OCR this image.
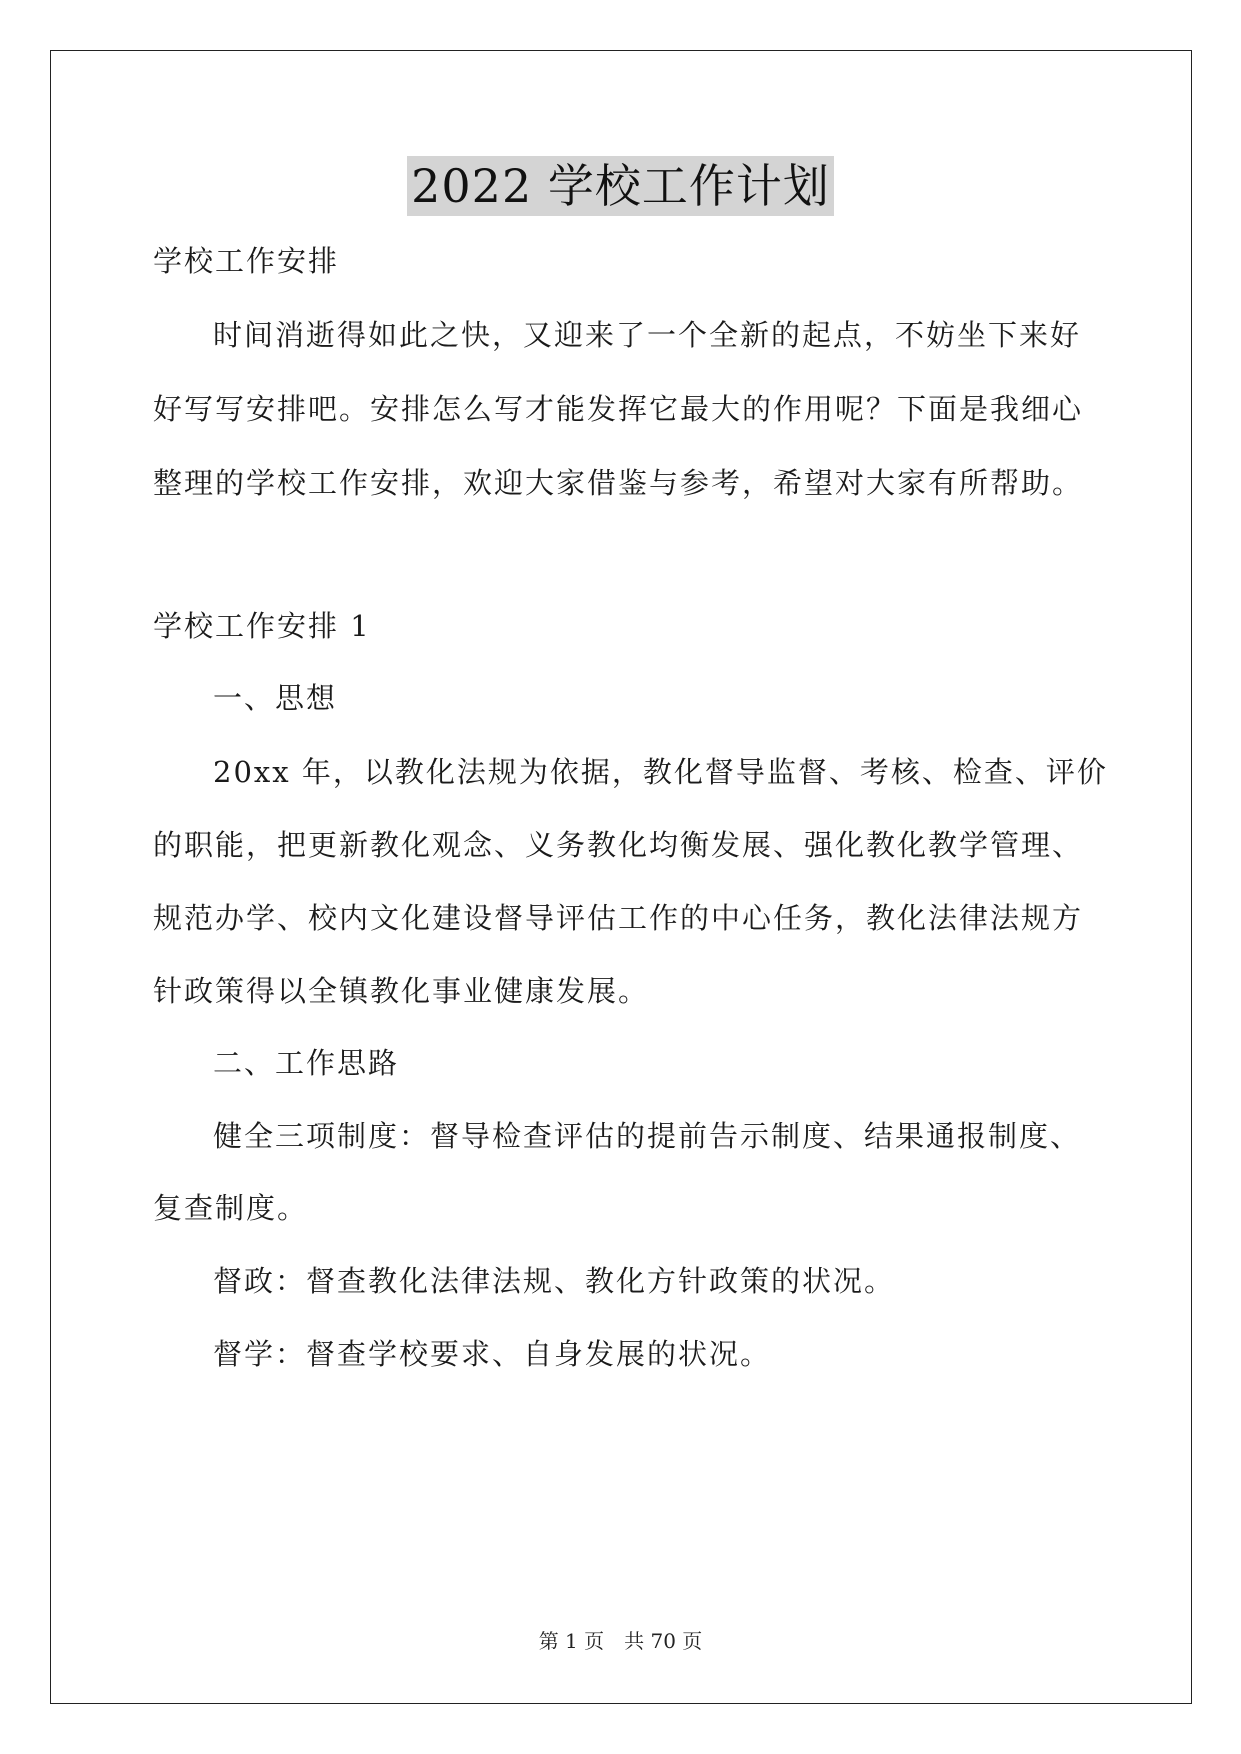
2022 学校工作计划
学校工作安排
时间消逝得如此之快，又迎来了一个全新的起点，不妨坐下来好
好写写安排吧。安排怎么写才能发挥它最大的作用呢？下面是我细心
整理的学校工作安排，欢迎大家借鉴与参考，希望对大家有所帮助。
学校工作安排 1
一、思想
20xx 年，以教化法规为依据，教化督导监督、考核、检查、评价
的职能，把更新教化观念、义务教化均衡发展、强化教化教学管理、
规范办学、校内文化建设督导评估工作的中心任务，教化法律法规方
针政策得以全镇教化事业健康发展。
二、工作思路
健全三项制度：督导检查评估的提前告示制度、结果通报制度、
复查制度。
督政：督查教化法律法规、教化方针政策的状况。
督学：督查学校要求、自身发展的状况。
第 1 页 共 70 页
